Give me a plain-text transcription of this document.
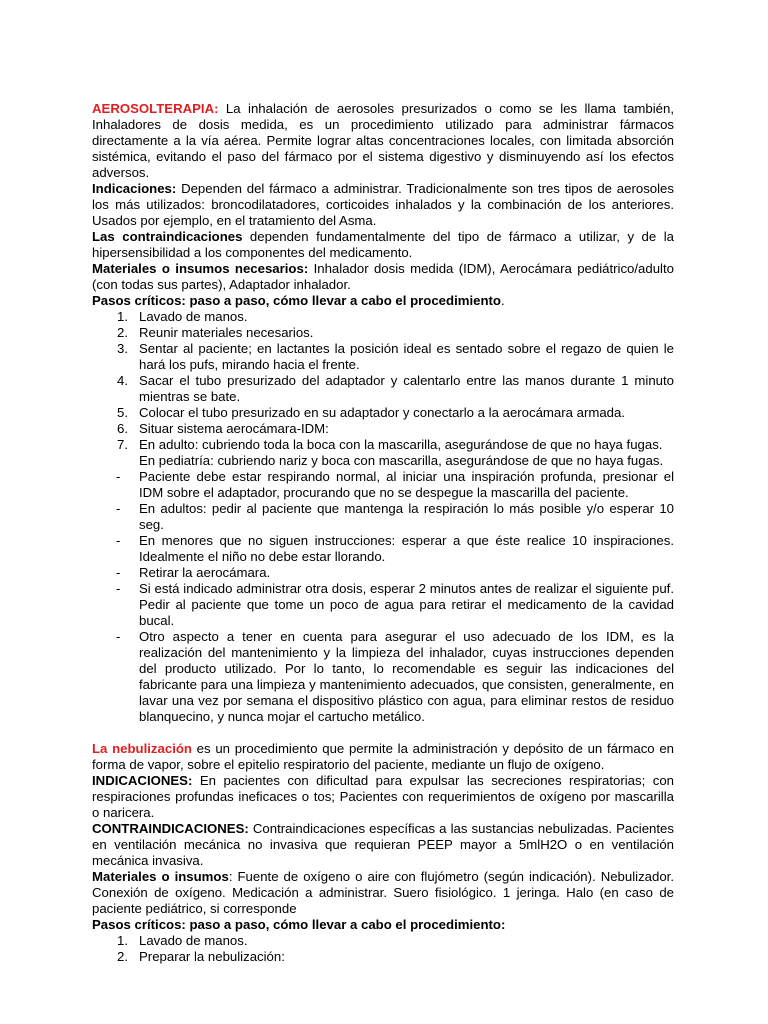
AEROSOLTERAPIA: La inhalación de aerosoles presurizados o como se les llama también, Inhaladores de dosis medida, es un procedimiento utilizado para administrar fármacos directamente a la vía aérea. Permite lograr altas concentraciones locales, con limitada absorción sistémica, evitando el paso del fármaco por el sistema digestivo y disminuyendo así los efectos adversos.

Indicaciones: Dependen del fármaco a administrar. Tradicionalmente son tres tipos de aerosoles los más utilizados: broncodilatadores, corticoides inhalados y la combinación de los anteriores. Usados por ejemplo, en el tratamiento del Asma.

Las contraindicaciones dependen fundamentalmente del tipo de fármaco a utilizar, y de la hipersensibilidad a los componentes del medicamento.

Materiales o insumos necesarios: Inhalador dosis medida (IDM), Aerocámara pediátrico/adulto (con todas sus partes), Adaptador inhalador.

Pasos críticos: paso a paso, cómo llevar a cabo el procedimiento.

1. Lavado de manos.
2. Reunir materiales necesarios.
3. Sentar al paciente; en lactantes la posición ideal es sentado sobre el regazo de quien le hará los pufs, mirando hacia el frente.
4. Sacar el tubo presurizado del adaptador y calentarlo entre las manos durante 1 minuto mientras se bate.
5. Colocar el tubo presurizado en su adaptador y conectarlo a la aerocámara armada.
6. Situar sistema aerocámara-IDM:
7. En adulto: cubriendo toda la boca con la mascarilla, asegurándose de que no haya fugas.
En pediatría: cubriendo nariz y boca con mascarilla, asegurándose de que no haya fugas.
- Paciente debe estar respirando normal, al iniciar una inspiración profunda, presionar el IDM sobre el adaptador, procurando que no se despegue la mascarilla del paciente.
- En adultos: pedir al paciente que mantenga la respiración lo más posible y/o esperar 10 seg.
- En menores que no siguen instrucciones: esperar a que éste realice 10 inspiraciones. Idealmente el niño no debe estar llorando.
- Retirar la aerocámara.
- Si está indicado administrar otra dosis, esperar 2 minutos antes de realizar el siguiente puf. Pedir al paciente que tome un poco de agua para retirar el medicamento de la cavidad bucal.
- Otro aspecto a tener en cuenta para asegurar el uso adecuado de los IDM, es la realización del mantenimiento y la limpieza del inhalador, cuyas instrucciones dependen del producto utilizado. Por lo tanto, lo recomendable es seguir las indicaciones del fabricante para una limpieza y mantenimiento adecuados, que consisten, generalmente, en lavar una vez por semana el dispositivo plástico con agua, para eliminar restos de residuo blanquecino, y nunca mojar el cartucho metálico.

La nebulización es un procedimiento que permite la administración y depósito de un fármaco en forma de vapor, sobre el epitelio respiratorio del paciente, mediante un flujo de oxígeno.

INDICACIONES: En pacientes con dificultad para expulsar las secreciones respiratorias; con respiraciones profundas ineficaces o tos; Pacientes con requerimientos de oxígeno por mascarilla o naricera.

CONTRAINDICACIONES: Contraindicaciones específicas a las sustancias nebulizadas. Pacientes en ventilación mecánica no invasiva que requieran PEEP mayor a 5mlH2O o en ventilación mecánica invasiva.

Materiales o insumos: Fuente de oxígeno o aire con flujómetro (según indicación). Nebulizador. Conexión de oxígeno. Medicación a administrar. Suero fisiológico. 1 jeringa. Halo (en caso de paciente pediátrico, si corresponde

Pasos críticos: paso a paso, cómo llevar a cabo el procedimiento:

1. Lavado de manos.
2. Preparar la nebulización:
